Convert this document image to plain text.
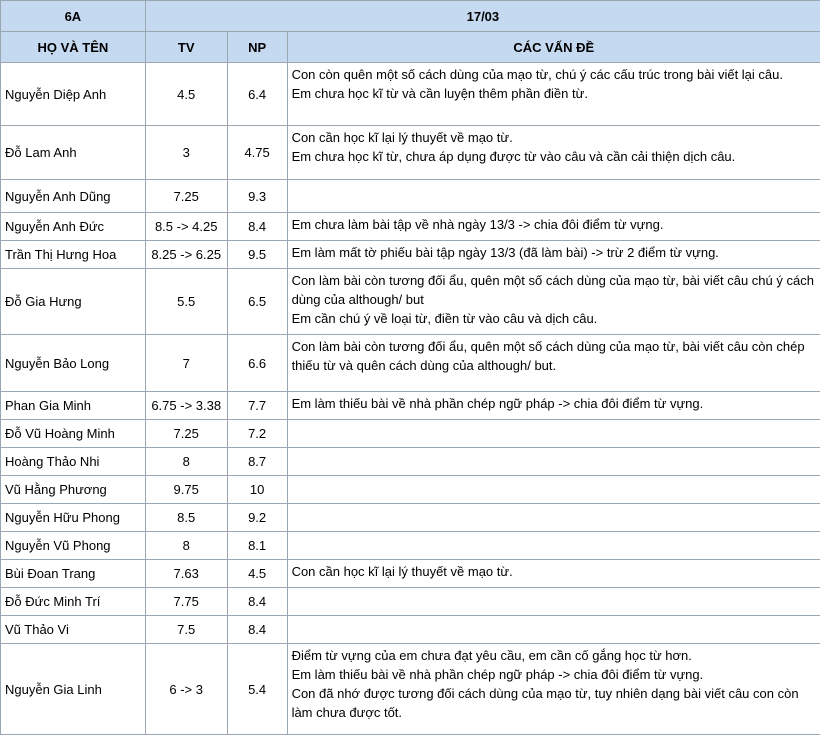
6A	17/03		
HỌ VÀ TÊN	TV	NP	CÁC VẤN ĐỀ
Nguyễn Diệp Anh	4.5	6.4	Con còn quên một số cách dùng của mạo từ, chú ý các cấu trúc trong bài viết lại câu.
Em chưa học kĩ từ và cần luyện thêm phần điền từ.

Đỗ Lam Anh	3	4.75	Con cần học kĩ lại lý thuyết về mạo từ.
Em chưa học kĩ từ, chưa áp dụng được từ vào câu và cần cải thiện dịch câu.

Nguyễn Anh Dũng	7.25	9.3	
Nguyễn Anh Đức	8.5 -> 4.25	8.4	Em chưa làm bài tập về nhà ngày 13/3 -> chia đôi điểm từ vựng.

Trần Thị Hưng Hoa	8.25 -> 6.25	9.5	Em làm mất tờ phiếu bài tập ngày 13/3 (đã làm bài) -> trừ 2 điểm từ vựng.

Đỗ Gia Hưng	5.5	6.5	Con làm bài còn tương đối ẩu, quên một số cách dùng của mạo từ, bài viết câu chú ý cách dùng của although/ but
Em cần chú ý về loại từ, điền từ vào câu và dịch câu.

Nguyễn Bảo Long	7	6.6	Con làm bài còn tương đối ẩu, quên một số cách dùng của mạo từ, bài viết câu còn chép thiếu từ và quên cách dùng của although/ but.

Phan Gia Minh	6.75 -> 3.38	7.7	Em làm thiếu bài về nhà phần chép ngữ pháp -> chia đôi điểm từ vựng.

Đỗ Vũ Hoàng Minh	7.25	7.2	
Hoàng Thảo Nhi	8	8.7	
Vũ Hằng Phương	9.75	10	
Nguyễn Hữu Phong	8.5	9.2	
Nguyễn Vũ Phong	8	8.1	
Bùi Đoan Trang	7.63	4.5	Con cần học kĩ lại lý thuyết về mạo từ.

Đỗ Đức Minh Trí	7.75	8.4	
Vũ Thảo Vi	7.5	8.4	
Nguyễn Gia Linh	6 -> 3	5.4	Điểm từ vựng của em chưa đạt yêu cầu, em cần cố gắng học từ hơn.
Em làm thiếu bài về nhà phần chép ngữ pháp -> chia đôi điểm từ vựng.
Con đã nhớ được tương đối cách dùng của mạo từ, tuy nhiên dạng bài viết câu con còn làm chưa được tốt.
